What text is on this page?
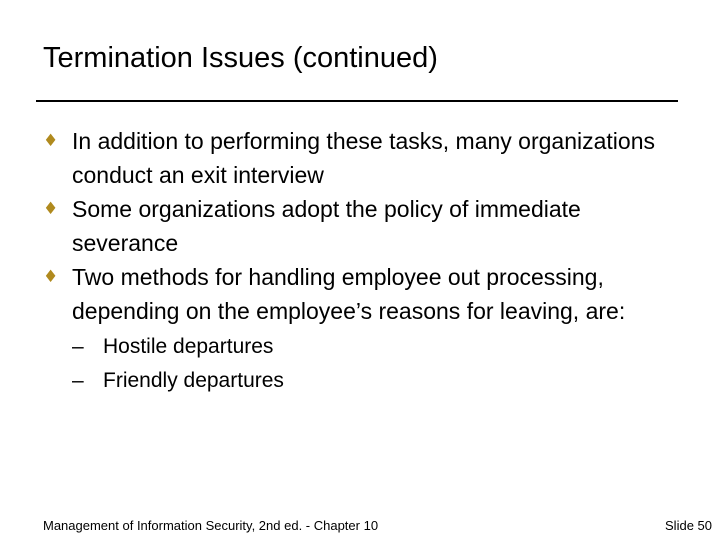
Termination Issues (continued)
♦ In addition to performing these tasks, many organizations conduct an exit interview
♦ Some organizations adopt the policy of immediate severance
♦ Two methods for handling employee out processing, depending on the employee’s reasons for leaving, are:
– Hostile departures
– Friendly departures
Management of Information Security, 2nd ed. - Chapter 10	Slide 50
